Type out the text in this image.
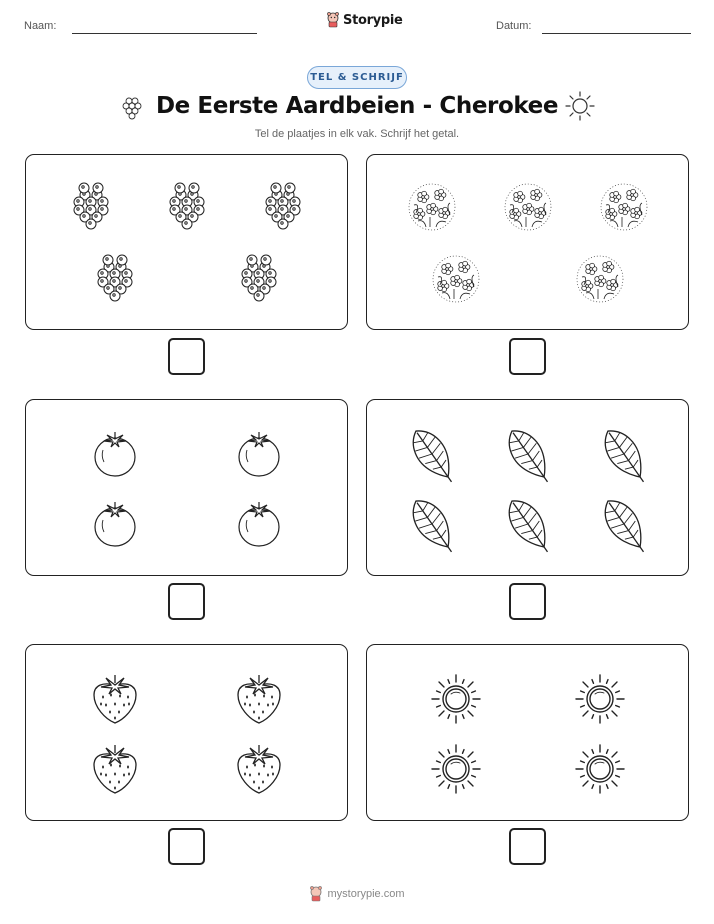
Naam:	Storypie	Datum:
TEL & SCHRIJF
De Eerste Aardbeien - Cherokee
Tel de plaatjes in elk vak. Schrijf het getal.
mystorypie.com
